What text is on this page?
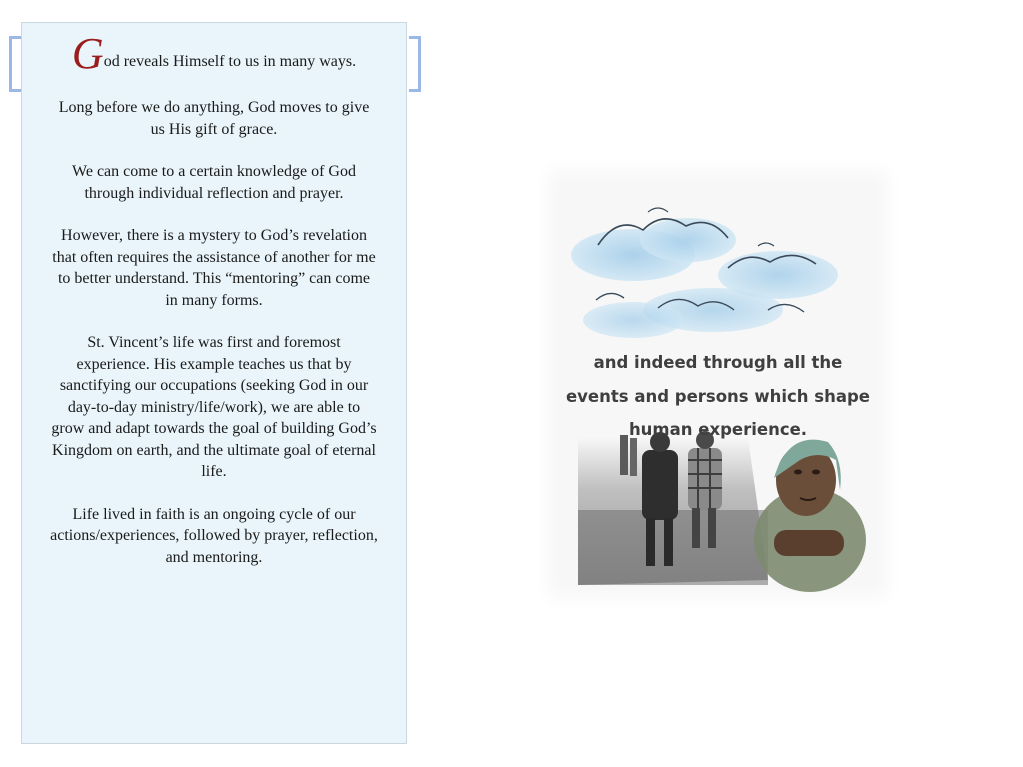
God reveals Himself to us in many ways.

Long before we do anything, God moves to give us His gift of grace.

We can come to a certain knowledge of God through individual reflection and prayer.

However, there is a mystery to God’s revelation that often requires the assistance of another for me to better understand. This “mentoring” can come in many forms.

St. Vincent’s life was first and foremost experience. His example teaches us that by sanctifying our occupations (seeking God in our day-to-day ministry/life/work), we are able to grow and adapt towards the goal of building God’s Kingdom on earth, and the ultimate goal of eternal life.

Life lived in faith is an ongoing cycle of our actions/experiences, followed by prayer, reflection, and mentoring.

and indeed through all the
events and persons which shape
human experience.
